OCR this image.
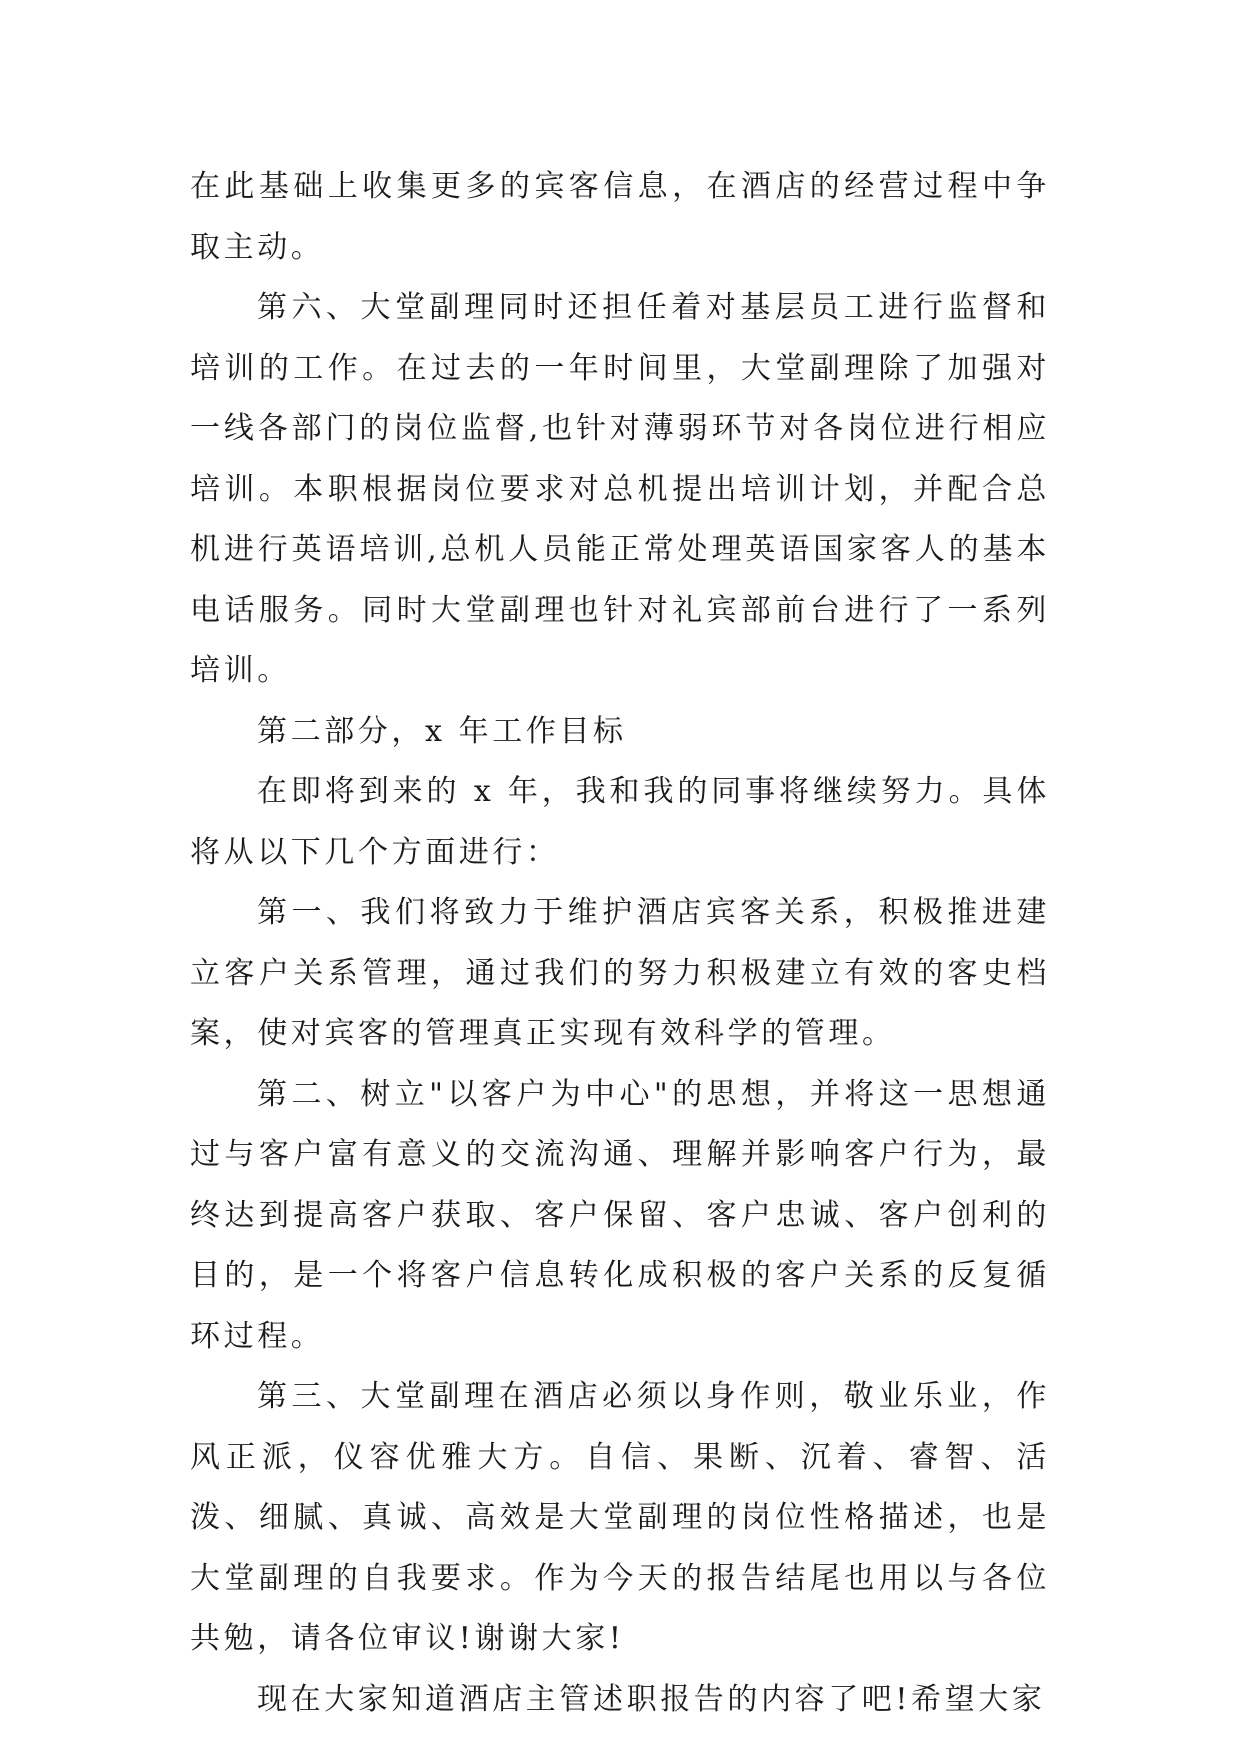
在此基础上收集更多的宾客信息，在酒店的经营过程中争取主动。

第六、大堂副理同时还担任着对基层员工进行监督和培训的工作。在过去的一年时间里，大堂副理除了加强对一线各部门的岗位监督,也针对薄弱环节对各岗位进行相应培训。本职根据岗位要求对总机提出培训计划，并配合总机进行英语培训,总机人员能正常处理英语国家客人的基本电话服务。同时大堂副理也针对礼宾部前台进行了一系列培训。

第二部分，x 年工作目标

在即将到来的 x 年，我和我的同事将继续努力。具体将从以下几个方面进行：

第一、我们将致力于维护酒店宾客关系，积极推进建立客户关系管理，通过我们的努力积极建立有效的客史档案，使对宾客的管理真正实现有效科学的管理。

第二、树立"以客户为中心"的思想，并将这一思想通过与客户富有意义的交流沟通、理解并影响客户行为，最终达到提高客户获取、客户保留、客户忠诚、客户创利的目的，是一个将客户信息转化成积极的客户关系的反复循环过程。

第三、大堂副理在酒店必须以身作则，敬业乐业，作风正派，仪容优雅大方。自信、果断、沉着、睿智、活泼、细腻、真诚、高效是大堂副理的岗位性格描述，也是大堂副理的自我要求。作为今天的报告结尾也用以与各位共勉，请各位审议!谢谢大家!

现在大家知道酒店主管述职报告的内容了吧!希望大家
